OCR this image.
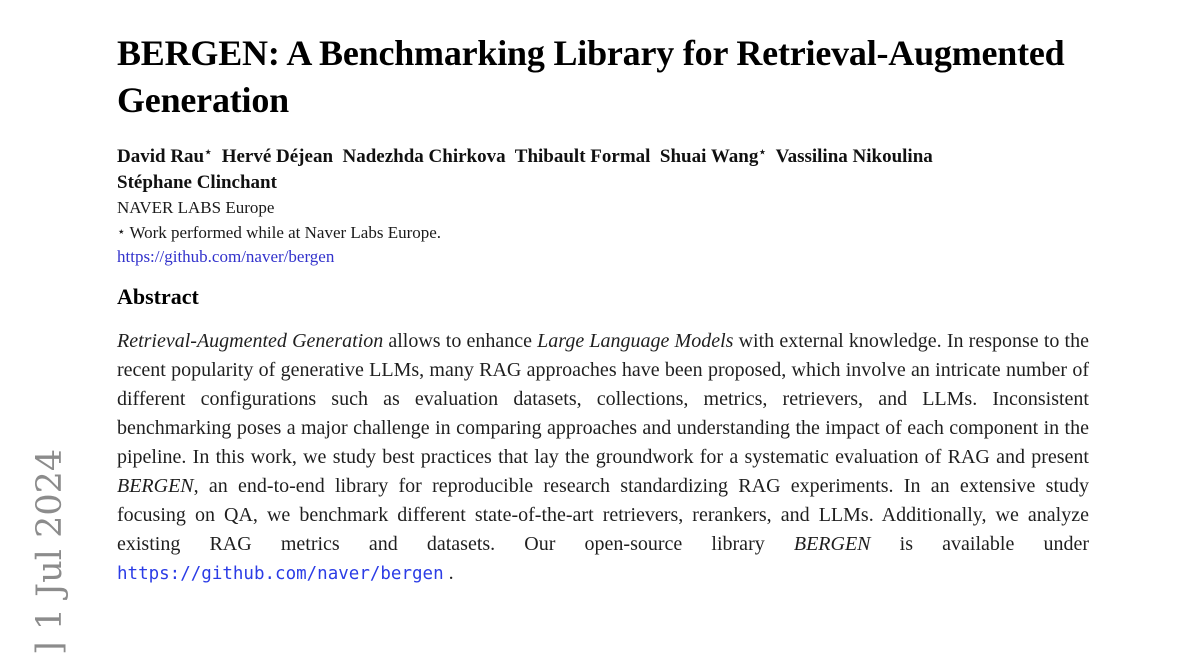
] 1 Jul 2024
BERGEN: A Benchmarking Library for Retrieval-Augmented
Generation
David Rau⋆  Hervé Déjean  Nadezhda Chirkova  Thibault Formal  Shuai Wang⋆  Vassilina Nikoulina
Stéphane Clinchant
NAVER LABS Europe
⋆ Work performed while at Naver Labs Europe.
https://github.com/naver/bergen
Abstract

Retrieval-Augmented Generation allows to enhance Large Language Models with external knowledge. In response to the recent popularity of generative LLMs, many RAG approaches have been proposed, which involve an intricate number of different configurations such as evaluation datasets, collections, metrics, retrievers, and LLMs. Inconsistent benchmarking poses a major challenge in comparing approaches and understanding the impact of each component in the pipeline. In this work, we study best practices that lay the groundwork for a systematic evaluation of RAG and present BERGEN, an end-to-end library for reproducible research standardizing RAG experiments. In an extensive study focusing on QA, we benchmark different state-of-the-art retrievers, rerankers, and LLMs. Additionally, we analyze existing RAG metrics and datasets. Our open-source library BERGEN is available under https://github.com/naver/bergen .
